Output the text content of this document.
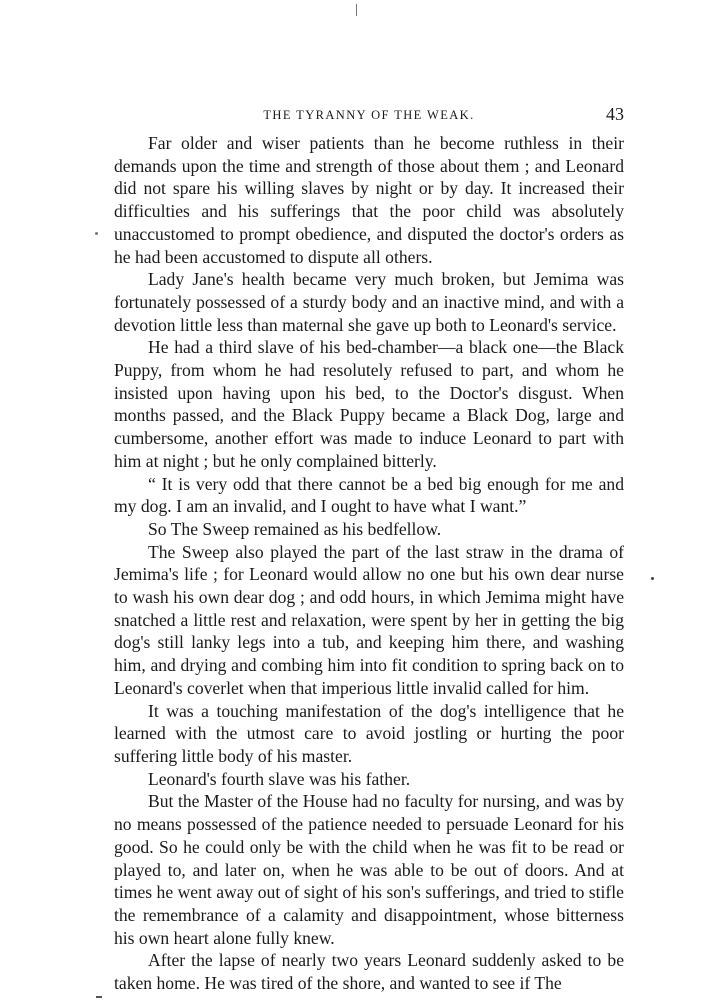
THE TYRANNY OF THE WEAK.	43

Far older and wiser patients than he become ruthless in their demands upon the time and strength of those about them ; and Leonard did not spare his willing slaves by night or by day. It increased their difficulties and his sufferings that the poor child was absolutely unaccustomed to prompt obedience, and disputed the doctor's orders as he had been accustomed to dispute all others.

Lady Jane's health became very much broken, but Jemima was fortunately possessed of a sturdy body and an inactive mind, and with a devotion little less than maternal she gave up both to Leonard's service.

He had a third slave of his bed-chamber—a black one—the Black Puppy, from whom he had resolutely refused to part, and whom he insisted upon having upon his bed, to the Doctor's disgust. When months passed, and the Black Puppy became a Black Dog, large and cumbersome, another effort was made to induce Leonard to part with him at night ; but he only complained bitterly.

“ It is very odd that there cannot be a bed big enough for me and my dog. I am an invalid, and I ought to have what I want.”

So The Sweep remained as his bedfellow.

The Sweep also played the part of the last straw in the drama of Jemima's life ; for Leonard would allow no one but his own dear nurse to wash his own dear dog ; and odd hours, in which Jemima might have snatched a little rest and relaxation, were spent by her in getting the big dog's still lanky legs into a tub, and keeping him there, and washing him, and drying and combing him into fit condition to spring back on to Leonard's coverlet when that imperious little invalid called for him.

It was a touching manifestation of the dog's intelligence that he learned with the utmost care to avoid jostling or hurting the poor suffering little body of his master.

Leonard's fourth slave was his father.

But the Master of the House had no faculty for nursing, and was by no means possessed of the patience needed to persuade Leonard for his good. So he could only be with the child when he was fit to be read or played to, and later on, when he was able to be out of doors. And at times he went away out of sight of his son's sufferings, and tried to stifle the remembrance of a calamity and disappointment, whose bitterness his own heart alone fully knew.

After the lapse of nearly two years Leonard suddenly asked to be taken home. He was tired of the shore, and wanted to see if The
